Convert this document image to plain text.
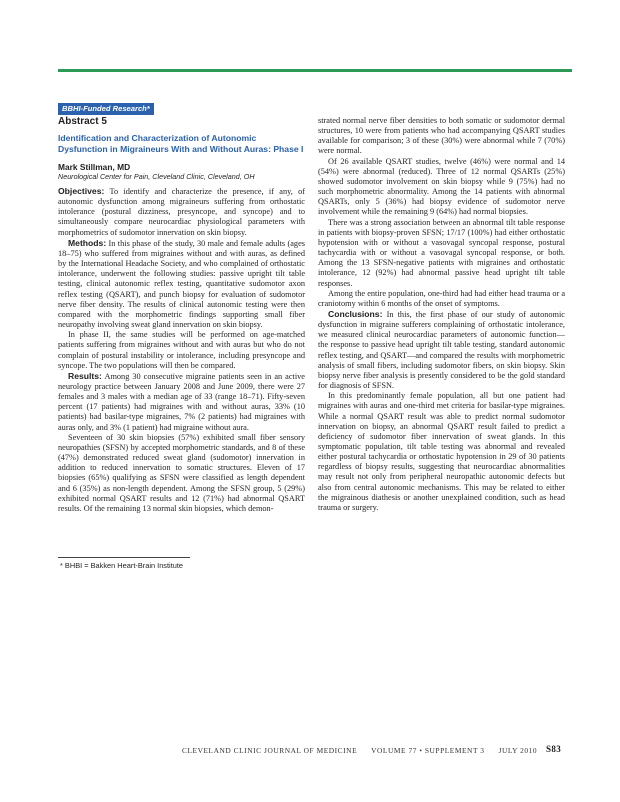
BBHI-Funded Research*

Abstract 5

Identification and Characterization of Autonomic Dysfunction in Migraineurs With and Without Auras: Phase I

Mark Stillman, MD

Neurological Center for Pain, Cleveland Clinic, Cleveland, OH

Objectives: To identify and characterize the presence, if any, of autonomic dysfunction among migraineurs suffering from orthostatic intolerance (postural dizziness, presyncope, and syncope) and to simultaneously compare neurocardiac physiological parameters with morphometrics of sudomotor innervation on skin biopsy.

Methods: In this phase of the study, 30 male and female adults (ages 18–75) who suffered from migraines without and with auras, as defined by the International Headache Society, and who complained of orthostatic intolerance, underwent the following studies: passive upright tilt table testing, clinical autonomic reflex testing, quantitative sudomotor axon reflex testing (QSART), and punch biopsy for evaluation of sudomotor nerve fiber density. The results of clinical autonomic testing were then compared with the morphometric findings supporting small fiber neuropathy involving sweat gland innervation on skin biopsy.

In phase II, the same studies will be performed on age-matched patients suffering from migraines without and with auras but who do not complain of postural instability or intolerance, including presyncope and syncope. The two populations will then be compared.

Results: Among 30 consecutive migraine patients seen in an active neurology practice between January 2008 and June 2009, there were 27 females and 3 males with a median age of 33 (range 18–71). Fifty-seven percent (17 patients) had migraines with and without auras, 33% (10 patients) had basilar-type migraines, 7% (2 patients) had migraines with auras only, and 3% (1 patient) had migraine without aura.

Seventeen of 30 skin biopsies (57%) exhibited small fiber sensory neuropathies (SFSN) by accepted morphometric standards, and 8 of these (47%) demonstrated reduced sweat gland (sudomotor) innervation in addition to reduced innervation to somatic structures. Eleven of 17 biopsies (65%) qualifying as SFSN were classified as length dependent and 6 (35%) as non-length dependent. Among the SFSN group, 5 (29%) exhibited normal QSART results and 12 (71%) had abnormal QSART results. Of the remaining 13 normal skin biopsies, which demon-

strated normal nerve fiber densities to both somatic or sudomotor dermal structures, 10 were from patients who had accompanying QSART studies available for comparison; 3 of these (30%) were abnormal while 7 (70%) were normal.

Of 26 available QSART studies, twelve (46%) were normal and 14 (54%) were abnormal (reduced). Three of 12 normal QSARTs (25%) showed sudomotor involvement on skin biopsy while 9 (75%) had no such morphometric abnormality. Among the 14 patients with abnormal QSARTs, only 5 (36%) had biopsy evidence of sudomotor nerve involvement while the remaining 9 (64%) had normal biopsies.

There was a strong association between an abnormal tilt table response in patients with biopsy-proven SFSN; 17/17 (100%) had either orthostatic hypotension with or without a vasovagal syncopal response, postural tachycardia with or without a vasovagal syncopal response, or both. Among the 13 SFSN-negative patients with migraines and orthostatic intolerance, 12 (92%) had abnormal passive head upright tilt table responses.

Among the entire population, one-third had had either head trauma or a craniotomy within 6 months of the onset of symptoms.

Conclusions: In this, the first phase of our study of autonomic dysfunction in migraine sufferers complaining of orthostatic intolerance, we measured clinical neurocardiac parameters of autonomic function—the response to passive head upright tilt table testing, standard autonomic reflex testing, and QSART—and compared the results with morphometric analysis of small fibers, including sudomotor fibers, on skin biopsy. Skin biopsy nerve fiber analysis is presently considered to be the gold standard for diagnosis of SFSN.

In this predominantly female population, all but one patient had migraines with auras and one-third met criteria for basilar-type migraines. While a normal QSART result was able to predict normal sudomotor innervation on biopsy, an abnormal QSART result failed to predict a deficiency of sudomotor fiber innervation of sweat glands. In this symptomatic population, tilt table testing was abnormal and revealed either postural tachycardia or orthostatic hypotension in 29 of 30 patients regardless of biopsy results, suggesting that neurocardiac abnormalities may result not only from peripheral neuropathic autonomic defects but also from central autonomic mechanisms. This may be related to either the migrainous diathesis or another unexplained condition, such as head trauma or surgery.

* BHBI = Bakken Heart-Brain Institute
CLEVELAND CLINIC JOURNAL OF MEDICINE VOLUME 77 • SUPPLEMENT 3 JULY 2010 S83
